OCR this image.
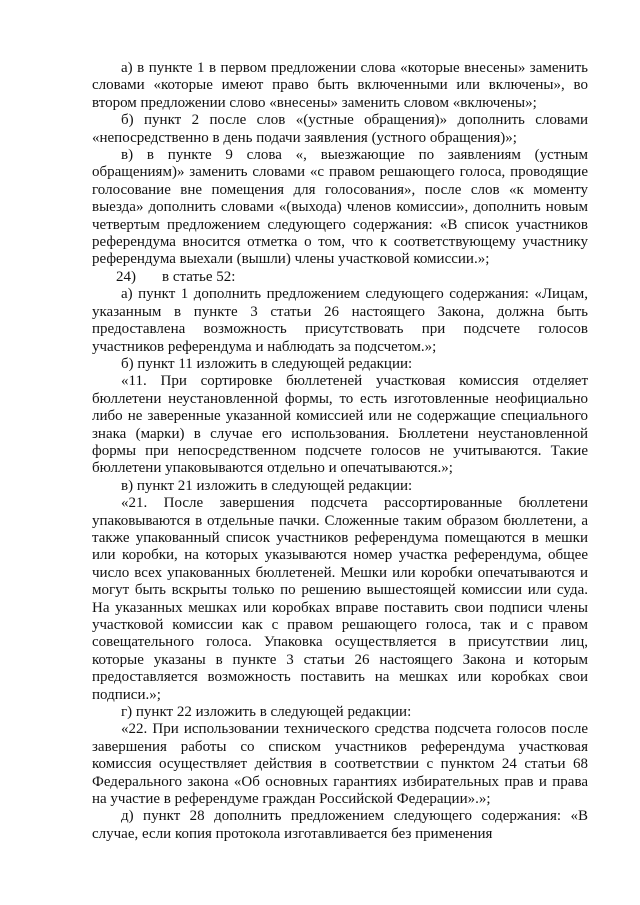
а) в пункте 1 в первом предложении слова «которые внесены» заменить словами «которые имеют право быть включенными или включены», во втором предложении слово «внесены» заменить словом «включены»;

б) пункт 2 после слов «(устные обращения)» дополнить словами «непосредственно в день подачи заявления (устного обращения)»;

в) в пункте 9 слова «, выезжающие по заявлениям (устным обращениям)» заменить словами «с правом решающего голоса, проводящие голосование вне помещения для голосования», после слов «к моменту выезда» дополнить словами «(выхода) членов комиссии», дополнить новым четвертым предложением следующего содержания: «В список участников референдума вносится отметка о том, что к соответствующему участнику референдума выехали (вышли) члены участковой комиссии.»;

24) в статье 52:

а) пункт 1 дополнить предложением следующего содержания: «Лицам, указанным в пункте 3 статьи 26 настоящего Закона, должна быть предоставлена возможность присутствовать при подсчете голосов участников референдума и наблюдать за подсчетом.»;

б) пункт 11 изложить в следующей редакции:

«11. При сортировке бюллетеней участковая комиссия отделяет бюллетени неустановленной формы, то есть изготовленные неофициально либо не заверенные указанной комиссией или не содержащие специального знака (марки) в случае его использования. Бюллетени неустановленной формы при непосредственном подсчете голосов не учитываются. Такие бюллетени упаковываются отдельно и опечатываются.»;

в) пункт 21 изложить в следующей редакции:

«21. После завершения подсчета рассортированные бюллетени упаковываются в отдельные пачки. Сложенные таким образом бюллетени, а также упакованный список участников референдума помещаются в мешки или коробки, на которых указываются номер участка референдума, общее число всех упакованных бюллетеней. Мешки или коробки опечатываются и могут быть вскрыты только по решению вышестоящей комиссии или суда. На указанных мешках или коробках вправе поставить свои подписи члены участковой комиссии как с правом решающего голоса, так и с правом совещательного голоса. Упаковка осуществляется в присутствии лиц, которые указаны в пункте 3 статьи 26 настоящего Закона и которым предоставляется возможность поставить на мешках или коробках свои подписи.»;

г) пункт 22 изложить в следующей редакции:

«22. При использовании технического средства подсчета голосов после завершения работы со списком участников референдума участковая комиссия осуществляет действия в соответствии с пунктом 24 статьи 68 Федерального закона «Об основных гарантиях избирательных прав и права на участие в референдуме граждан Российской Федерации».»;

д) пункт 28 дополнить предложением следующего содержания: «В случае, если копия протокола изготавливается без применения
